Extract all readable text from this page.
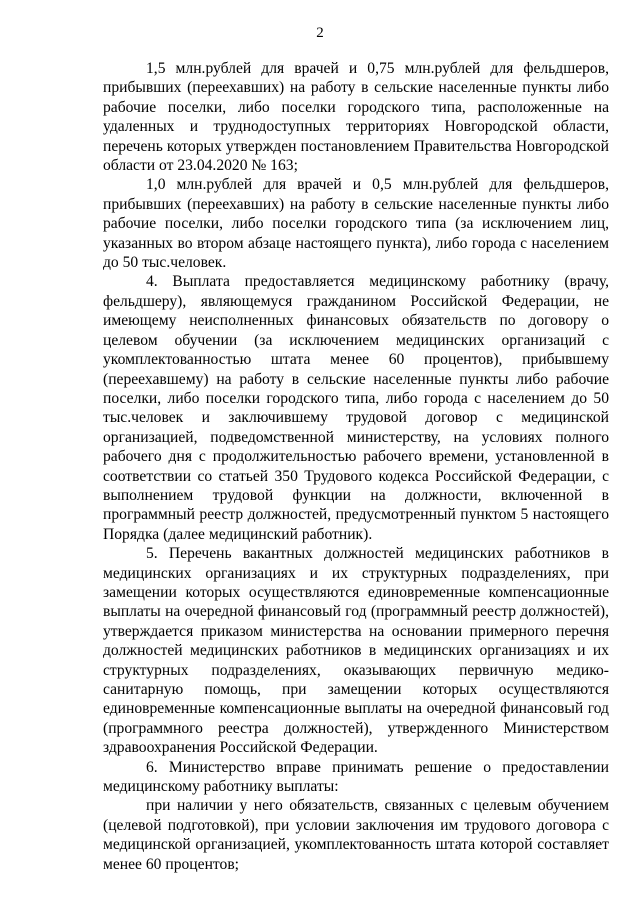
2

1,5 млн.рублей для врачей и 0,75 млн.рублей для фельдшеров, прибывших (переехавших) на работу в сельские населенные пункты либо рабочие поселки, либо поселки городского типа, расположенные на удаленных и труднодоступных территориях Новгородской области, перечень которых утвержден постановлением Правительства Новгородской области от 23.04.2020 № 163;

1,0 млн.рублей для врачей и 0,5 млн.рублей для фельдшеров, прибывших (переехавших) на работу в сельские населенные пункты либо рабочие поселки, либо поселки городского типа (за исключением лиц, указанных во втором абзаце настоящего пункта), либо города с населением до 50 тыс.человек.

4. Выплата предоставляется медицинскому работнику (врачу, фельдшеру), являющемуся гражданином Российской Федерации, не имеющему неисполненных финансовых обязательств по договору о целевом обучении (за исключением медицинских организаций с укомплектованностью штата менее 60 процентов), прибывшему (переехавшему) на работу в сельские населенные пункты либо рабочие поселки, либо поселки городского типа, либо города с населением до 50 тыс.человек и заключившему трудовой договор с медицинской организацией, подведомственной министерству, на условиях полного рабочего дня с продолжительностью рабочего времени, установленной в соответствии со статьей 350 Трудового кодекса Российской Федерации, с выполнением трудовой функции на должности, включенной в программный реестр должностей, предусмотренный пунктом 5 настоящего Порядка (далее медицинский работник).

5. Перечень вакантных должностей медицинских работников в медицинских организациях и их структурных подразделениях, при замещении которых осуществляются единовременные компенсационные выплаты на очередной финансовый год (программный реестр должностей), утверждается приказом министерства на основании примерного перечня должностей медицинских работников в медицинских организациях и их структурных подразделениях, оказывающих первичную медико-санитарную помощь, при замещении которых осуществляются единовременные компенсационные выплаты на очередной финансовый год (программного реестра должностей), утвержденного Министерством здравоохранения Российской Федерации.

6. Министерство вправе принимать решение о предоставлении медицинскому работнику выплаты:

при наличии у него обязательств, связанных с целевым обучением (целевой подготовкой), при условии заключения им трудового договора с медицинской организацией, укомплектованность штата которой составляет менее 60 процентов;
